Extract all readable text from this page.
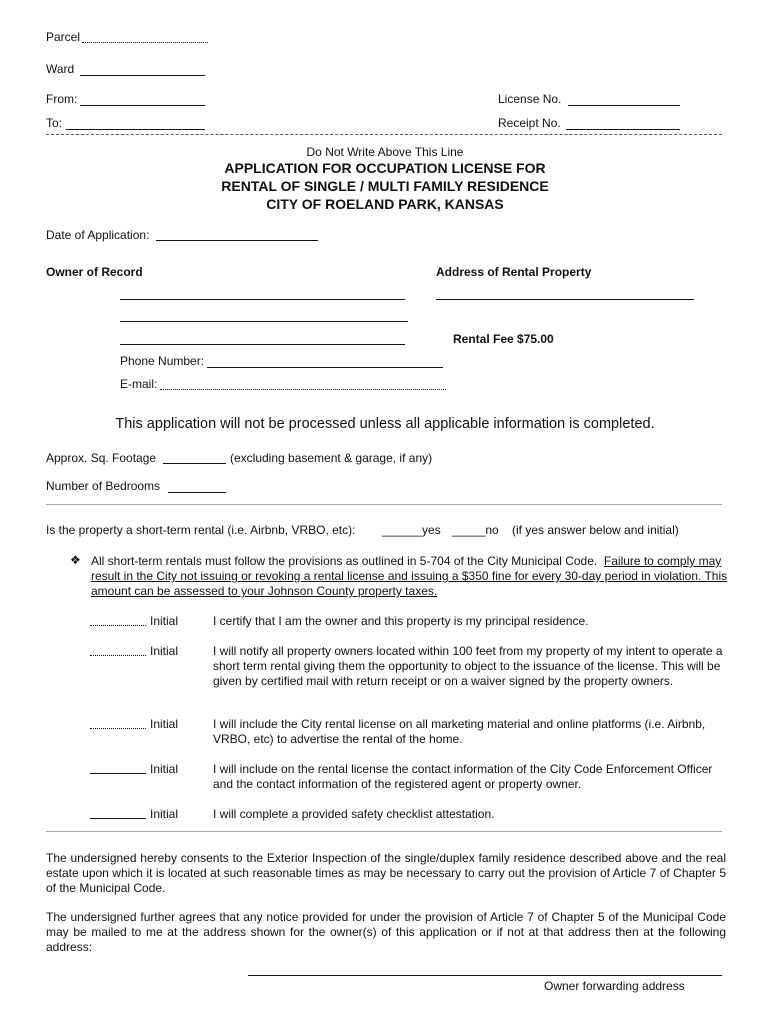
Parcel
Ward
From:
To:
License No.
Receipt No.
Do Not Write Above This Line
APPLICATION FOR OCCUPATION LICENSE FOR
RENTAL OF SINGLE / MULTI FAMILY RESIDENCE
CITY OF ROELAND PARK, KANSAS
Date of Application:
Owner of Record	Address of Rental Property
Rental Fee $75.00
Phone Number:
E-mail:
This application will not be processed unless all applicable information is completed.
Approx. Sq. Footage	(excluding basement & garage, if any)
Number of Bedrooms
Is the property a short-term rental (i.e. Airbnb, VRBO, etc): ______yes _____no (if yes answer below and initial)
❖ All short-term rentals must follow the provisions as outlined in 5-704 of the City Municipal Code. Failure to comply may result in the City not issuing or revoking a rental license and issuing a $350 fine for every 30-day period in violation. This amount can be assessed to your Johnson County property taxes.
Initial	I certify that I am the owner and this property is my principal residence.
Initial	I will notify all property owners located within 100 feet from my property of my intent to operate a short term rental giving them the opportunity to object to the issuance of the license. This will be given by certified mail with return receipt or on a waiver signed by the property owners.
Initial	I will include the City rental license on all marketing material and online platforms (i.e. Airbnb, VRBO, etc) to advertise the rental of the home.
Initial	I will include on the rental license the contact information of the City Code Enforcement Officer and the contact information of the registered agent or property owner.
Initial	I will complete a provided safety checklist attestation.
The undersigned hereby consents to the Exterior Inspection of the single/duplex family residence described above and the real estate upon which it is located at such reasonable times as may be necessary to carry out the provision of Article 7 of Chapter 5 of the Municipal Code.
The undersigned further agrees that any notice provided for under the provision of Article 7 of Chapter 5 of the Municipal Code may be mailed to me at the address shown for the owner(s) of this application or if not at that address then at the following address:
Owner forwarding address
